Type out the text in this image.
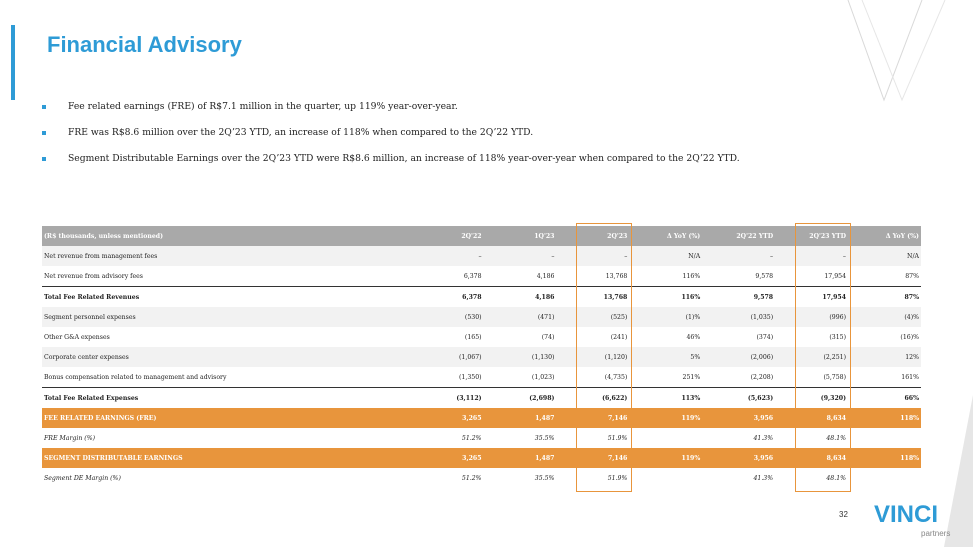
Financial Advisory
Fee related earnings (FRE) of R$7.1 million in the quarter, up 119% year-over-year.
FRE was R$8.6 million over the 2Q’23 YTD, an increase of 118% when compared to the 2Q’22 YTD.
Segment Distributable Earnings over the 2Q’23 YTD were R$8.6 million, an increase of 118% year-over-year when compared to the 2Q’22 YTD.
(R$ thousands, unless mentioned)	2Q'22	1Q'23	2Q'23	Δ YoY (%)	2Q'22 YTD	2Q'23 YTD	Δ YoY (%)
Net revenue from management fees	–	–	–	N/A	–	–	N/A
Net revenue from advisory fees	6,378	4,186	13,768	116%	9,578	17,954	87%
Total Fee Related Revenues	6,378	4,186	13,768	116%	9,578	17,954	87%
Segment personnel expenses	(530)	(471)	(525)	(1)%	(1,035)	(996)	(4)%
Other G&A expenses	(165)	(74)	(241)	46%	(374)	(315)	(16)%
Corporate center expenses	(1,067)	(1,130)	(1,120)	5%	(2,006)	(2,251)	12%
Bonus compensation related to management and advisory	(1,350)	(1,023)	(4,735)	251%	(2,208)	(5,758)	161%
Total Fee Related Expenses	(3,112)	(2,698)	(6,622)	113%	(5,623)	(9,320)	66%
FEE RELATED EARNINGS (FRE)	3,265	1,487	7,146	119%	3,956	8,634	118%
FRE Margin (%)	51.2%	35.5%	51.9%		41.3%	48.1%	
SEGMENT DISTRIBUTABLE EARNINGS	3,265	1,487	7,146	119%	3,956	8,634	118%
Segment DE Margin (%)	51.2%	35.5%	51.9%		41.3%	48.1%	
32 VINCI
partners
